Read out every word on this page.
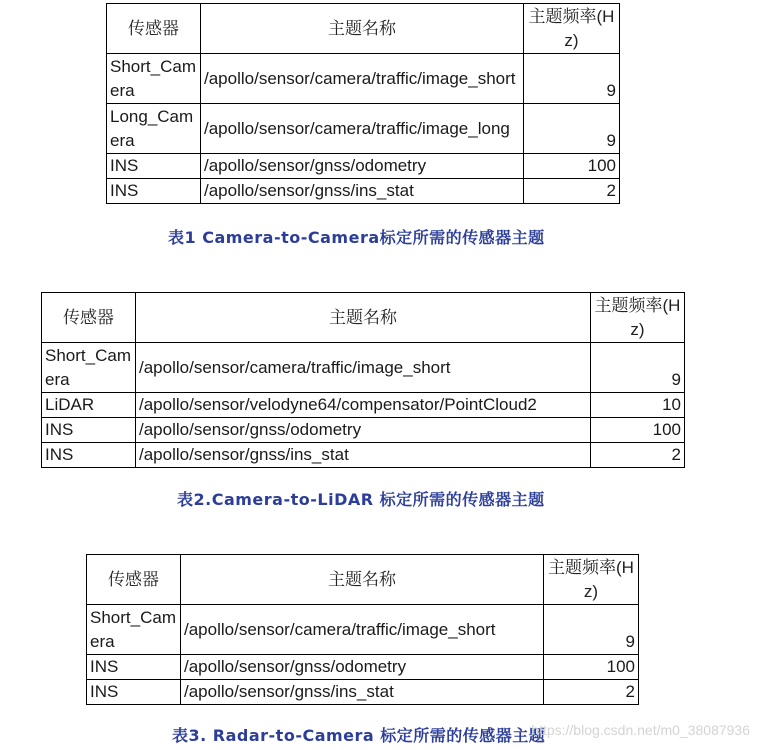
传感器	主题名称	主题频率(Hz)
Short_Camera	/apollo/sensor/camera/traffic/image_short	9
Long_Camera	/apollo/sensor/camera/traffic/image_long	9
INS	/apollo/sensor/gnss/odometry	100
INS	/apollo/sensor/gnss/ins_stat	2

表1 Camera-to-Camera标定所需的传感器主题

传感器	主题名称	主题频率(Hz)
Short_Camera	/apollo/sensor/camera/traffic/image_short	9
LiDAR	/apollo/sensor/velodyne64/compensator/PointCloud2	10
INS	/apollo/sensor/gnss/odometry	100
INS	/apollo/sensor/gnss/ins_stat	2

表2.Camera-to-LiDAR 标定所需的传感器主题

传感器	主题名称	主题频率(Hz)
Short_Camera	/apollo/sensor/camera/traffic/image_short	9
INS	/apollo/sensor/gnss/odometry	100
INS	/apollo/sensor/gnss/ins_stat	2

表3. Radar-to-Camera 标定所需的传感器主题

https://blog.csdn.net/m0_38087936
